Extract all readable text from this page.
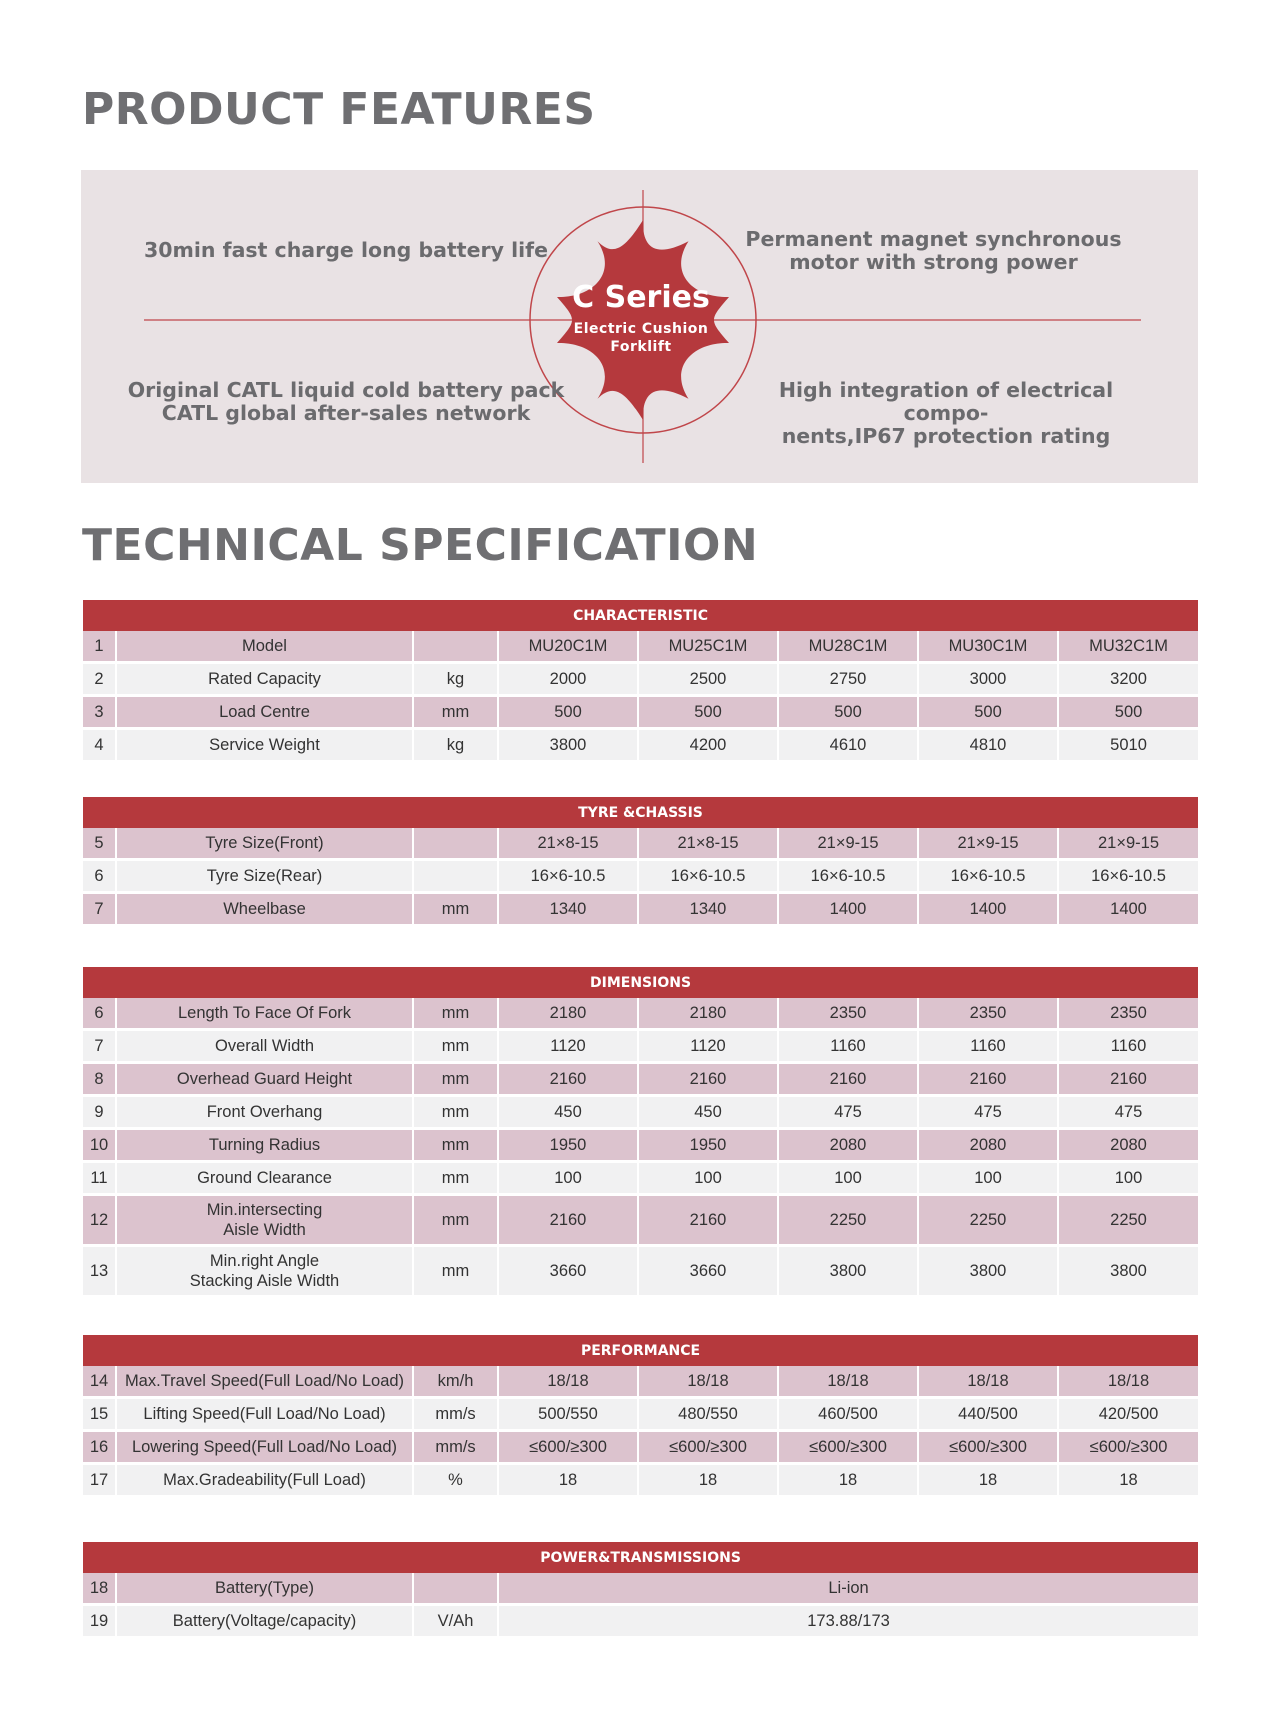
PRODUCT FEATURES
30min fast charge long battery life	Permanent magnet synchronous
motor with strong power
Original CATL liquid cold battery pack
CATL global after-sales network
High integration of electrical compo-
nents,IP67 protection rating
C Series
Electric Cushion
Forklift
TECHNICAL SPECIFICATION
CHARACTERISTIC							
1	Model		MU20C1M	MU25C1M	MU28C1M	MU30C1M	MU32C1M
2	Rated Capacity	kg	2000	2500	2750	3000	3200
3	Load Centre	mm	500	500	500	500	500
4	Service Weight	kg	3800	4200	4610	4810	5010
TYRE &CHASSIS							
5	Tyre Size(Front)		21×8-15	21×8-15	21×9-15	21×9-15	21×9-15
6	Tyre Size(Rear)		16×6-10.5	16×6-10.5	16×6-10.5	16×6-10.5	16×6-10.5
7	Wheelbase	mm	1340	1340	1400	1400	1400
DIMENSIONS							
6	Length To Face Of Fork	mm	2180	2180	2350	2350	2350
7	Overall Width	mm	1120	1120	1160	1160	1160
8	Overhead Guard Height	mm	2160	2160	2160	2160	2160
9	Front Overhang	mm	450	450	475	475	475
10	Turning Radius	mm	1950	1950	2080	2080	2080
11	Ground Clearance	mm	100	100	100	100	100
12	Min.intersecting
Aisle Width	mm	2160	2160	2250	2250	2250
13	Min.right Angle
Stacking Aisle Width	mm	3660	3660	3800	3800	3800
PERFORMANCE							
14	Max.Travel Speed(Full Load/No Load)	km/h	18/18	18/18	18/18	18/18	18/18
15	Lifting Speed(Full Load/No Load)	mm/s	500/550	480/550	460/500	440/500	420/500
16	Lowering Speed(Full Load/No Load)	mm/s	≤600/≥300	≤600/≥300	≤600/≥300	≤600/≥300	≤600/≥300
17	Max.Gradeability(Full Load)	%	18	18	18	18	18
POWER&TRANSMISSIONS			
18	Battery(Type)		Li-ion
19	Battery(Voltage/capacity)	V/Ah	173.88/173
